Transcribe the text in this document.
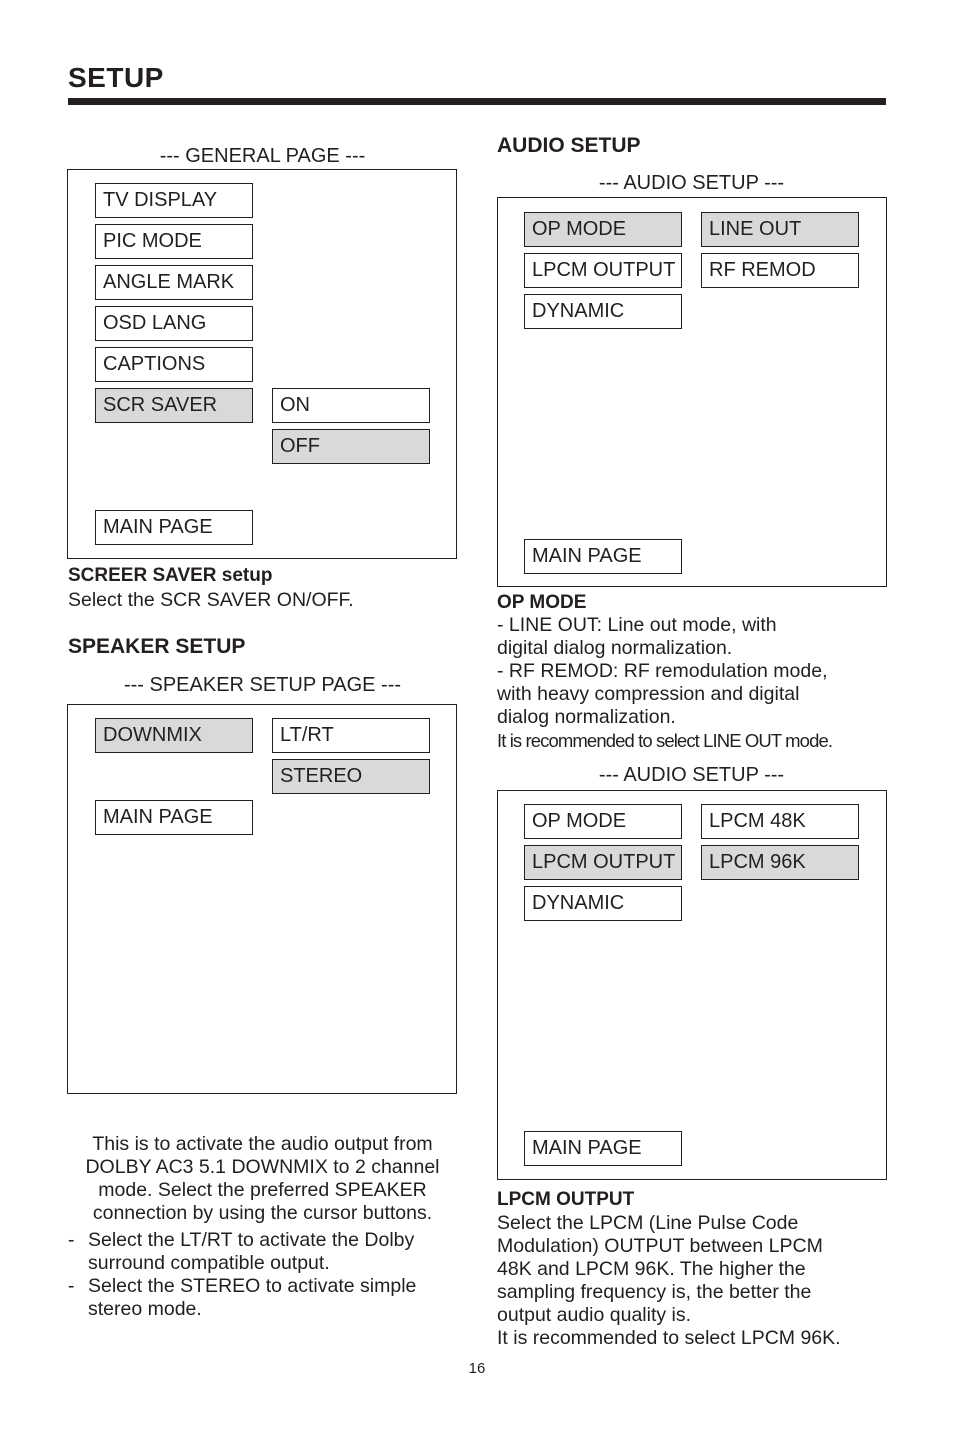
SETUP
--- GENERAL PAGE ---
TV DISPLAY
PIC MODE
ANGLE MARK
OSD LANG
CAPTIONS
SCR SAVER	ON
OFF
MAIN PAGE
SCREER SAVER setup
Select the SCR SAVER ON/OFF.
SPEAKER SETUP
--- SPEAKER SETUP PAGE ---
DOWNMIX	LT/RT
STEREO
MAIN PAGE
This is to activate the audio output from
DOLBY AC3 5.1 DOWNMIX to 2 channel
mode. Select the preferred SPEAKER
connection by using the cursor buttons.
- Select the LT/RT to activate the Dolby
surround compatible output.
- Select the STEREO to activate simple
stereo mode.
AUDIO SETUP
--- AUDIO SETUP ---
OP MODE
LPCM OUTPUT
DYNAMIC
LINE OUT
RF REMOD
MAIN PAGE
OP MODE
- LINE OUT: Line out mode, with
digital dialog normalization.
- RF REMOD: RF remodulation mode,
with heavy compression and digital
dialog normalization.
It is recommended to select LINE OUT mode.
--- AUDIO SETUP ---
OP MODE
LPCM OUTPUT
DYNAMIC
LPCM 48K
LPCM 96K
MAIN PAGE
LPCM OUTPUT
Select the LPCM (Line Pulse Code
Modulation) OUTPUT between LPCM
48K and LPCM 96K. The higher the
sampling frequency is, the better the
output audio quality is.
It is recommended to select LPCM 96K.
16
